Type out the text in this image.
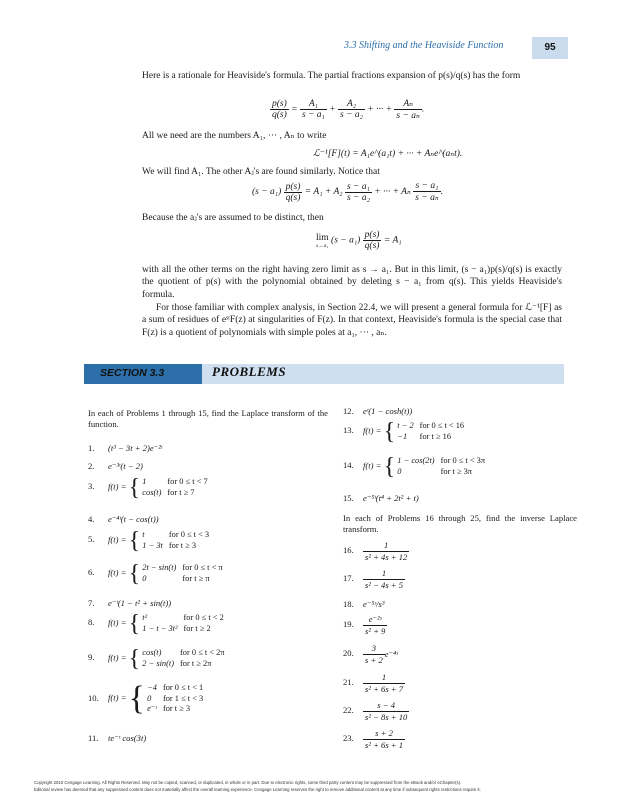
3.3 Shifting and the Heaviside Function	95
Here is a rationale for Heaviside's formula. The partial fractions expansion of p(s)/q(s) has the form
$\frac{p(s)}{q(s)} = \frac{\text{A₁}}{\text{s − a₁}} + \frac{\text{A₂}}{\text{s − a₂}}$ + ··· + $\frac{\text{Aₙ}}{\text{s − aₙ}}$ .
All we need are the numbers A₁, ··· , Aₙ to write
ℒ⁻¹[F](t) = A₁e^(a₁t) + ··· + Aₙe^(aₙt).
We will find A₁. The other Aⱼ's are found similarly. Notice that
$(s - a_1) \frac{p(s)}{q(s)} = A_1 + A_2 \frac{\text{s − a₁}}{\text{s − a₂}}$ + ··· + Aₙ $\frac{\text{s − a₁}}{\text{s − aₙ}}$ .
Because the aⱼ's are assumed to be distinct, then
lim
s→a₁ $(s - a_1) \frac{p(s)}{q(s)} = A_1$
with all the other terms on the right having zero limit as s → a₁. But in this limit, (s − a₁)p(s)/q(s) is exactly the quotient of p(s) with the polynomial obtained by deleting s − a₁ from q(s). This yields Heaviside's formula.
For those familiar with complex analysis, in Section 22.4, we will present a general formula for ℒ⁻¹[F] as a sum of residues of eˢᵗF(z) at singularities of F(z). In that context, Heaviside's formula is the special case that F(z) is a quotient of polynomials with simple poles at a₁, ··· , aₙ.
SECTION 3.3	PROBLEMS
In each of Problems 1 through 15, find the Laplace transform of the function.
1. (t³ − 3t + 2)e⁻²ᵗ
2. e⁻³ᵗ(t − 2)
3. f(t) = { 1	for 0 ≤ t < 7
cos(t)	for t ≥ 7
4. e⁻⁴ᵗ(t − cos(t))
5. f(t) = { t	for 0 ≤ t < 3
1 − 3t	for t ≥ 3
6. f(t) = { 2t − sin(t)	for 0 ≤ t < π
0	for t ≥ π
7. e⁻ᵗ(1 − t² + sin(t))
8. f(t) = { t²	for 0 ≤ t < 2
1 − t − 3t²	for t ≥ 2
9. f(t) = { cos(t)	for 0 ≤ t < 2π
2 − sin(t)	for t ≥ 2π
10. f(t) = { −4	for 0 ≤ t < 1
0	for 1 ≤ t < 3
e⁻ᵗ	for t ≥ 3
11. te⁻ᵗ cos(3t)
12. eᵗ(1 − cosh(t))
13. f(t) = { t − 2	for 0 ≤ t < 16
−1	for t ≥ 16
14. f(t) = { 1 − cos(2t)	for 0 ≤ t < 3π
0	for t ≥ 3π
15. e⁻⁵ᵗ(t⁴ + 2t² + t)
In each of Problems 16 through 25, find the inverse Laplace transform.
16. $\frac{1}{\text{s² + 4s + 12}}$
17. $\frac{1}{\text{s² − 4s + 5}}$
18. e⁻⁵ˢ/s³
19. $\frac{\text{e⁻²ˢ}}{\text{s² + 9}}$
20. $\frac{3}{s + 2}$ e⁻⁴ˢ
21. $\frac{1}{\text{s² + 6s + 7}}$
22. $\frac{s - 4}{\text{s² − 8s + 10}}$
23. $\frac{s + 2}{\text{s² + 6s + 1}}$
Copyright 2010 Cengage Learning. All Rights Reserved. May not be copied, scanned, or duplicated, in whole or in part. Due to electronic rights, some third party content may be suppressed from the eBook and/or eChapter(s).
Editorial review has deemed that any suppressed content does not materially affect the overall learning experience. Cengage Learning reserves the right to remove additional content at any time if subsequent rights restrictions require it.
